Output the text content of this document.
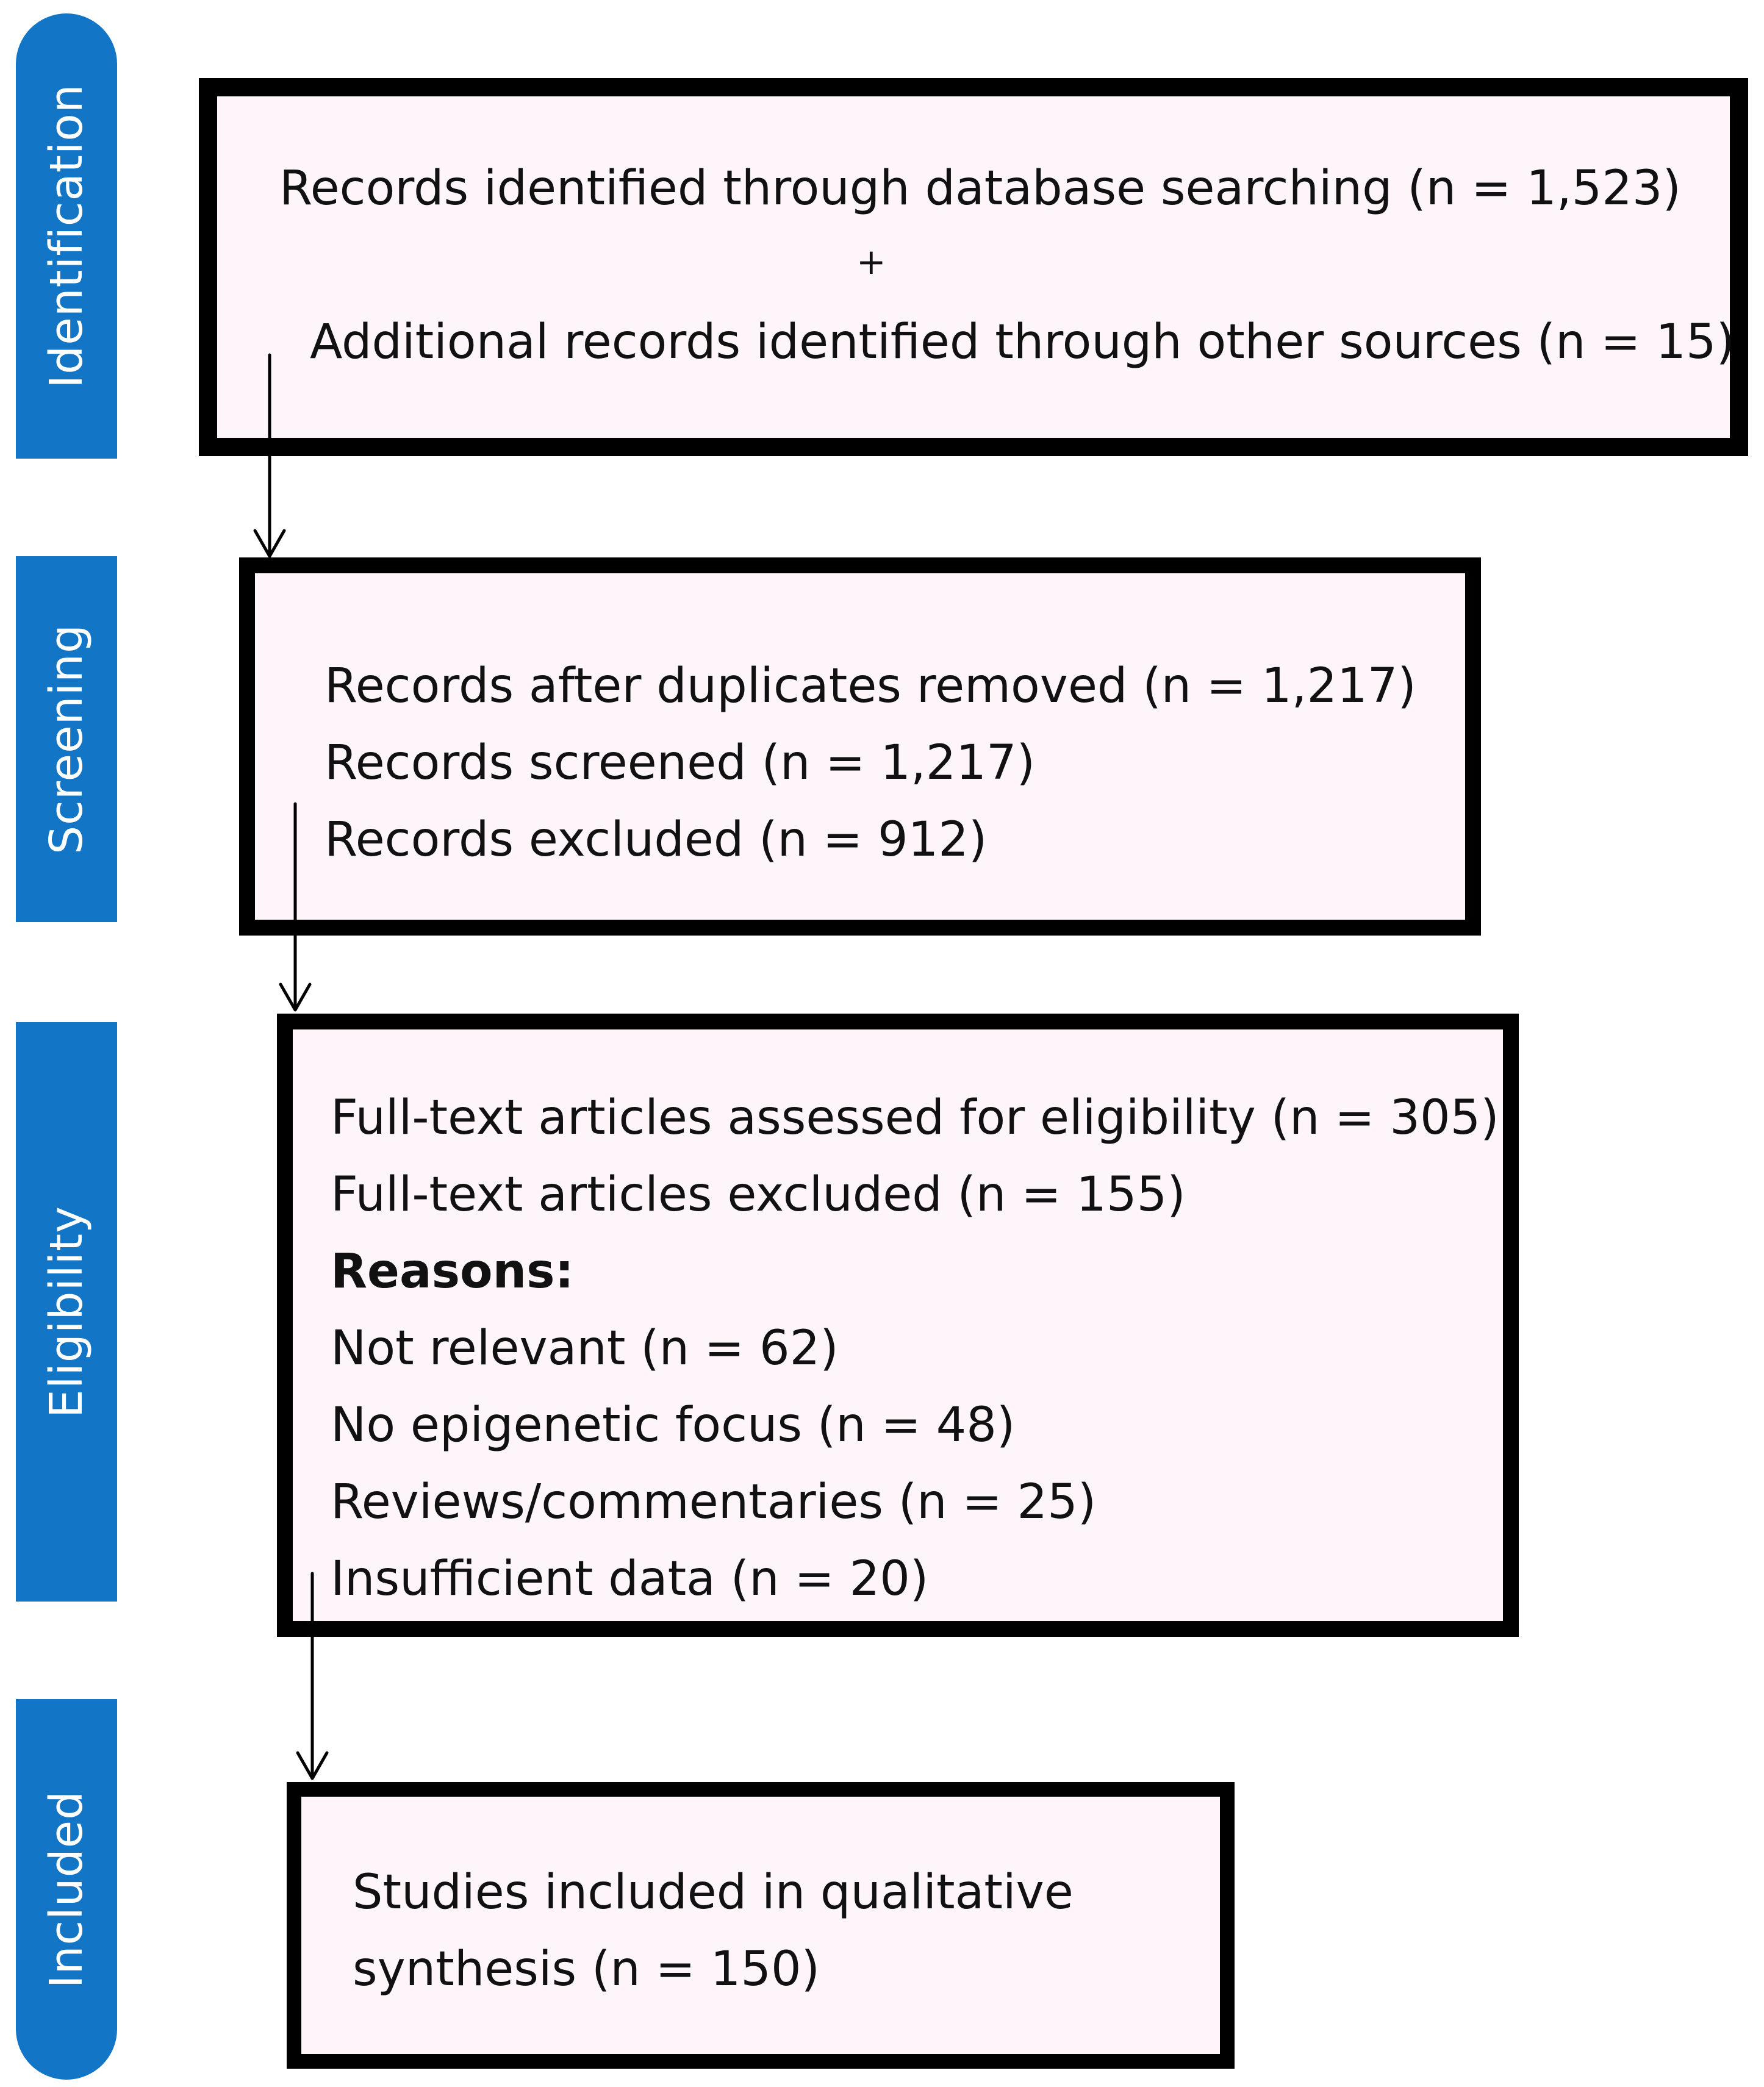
Identification
Screening
Eligibility
Included
Records identified through database searching (n = 1,523)
+
Additional records identified through other sources (n = 15)
Records after duplicates removed (n = 1,217)
Records screened (n = 1,217)
Records excluded (n = 912)
Full-text articles assessed for eligibility (n = 305)
Full-text articles excluded (n = 155)
Reasons:
Not relevant (n = 62)
No epigenetic focus (n = 48)
Reviews/commentaries (n = 25)
Insufficient data (n = 20)
Studies included in qualitative
synthesis (n = 150)
